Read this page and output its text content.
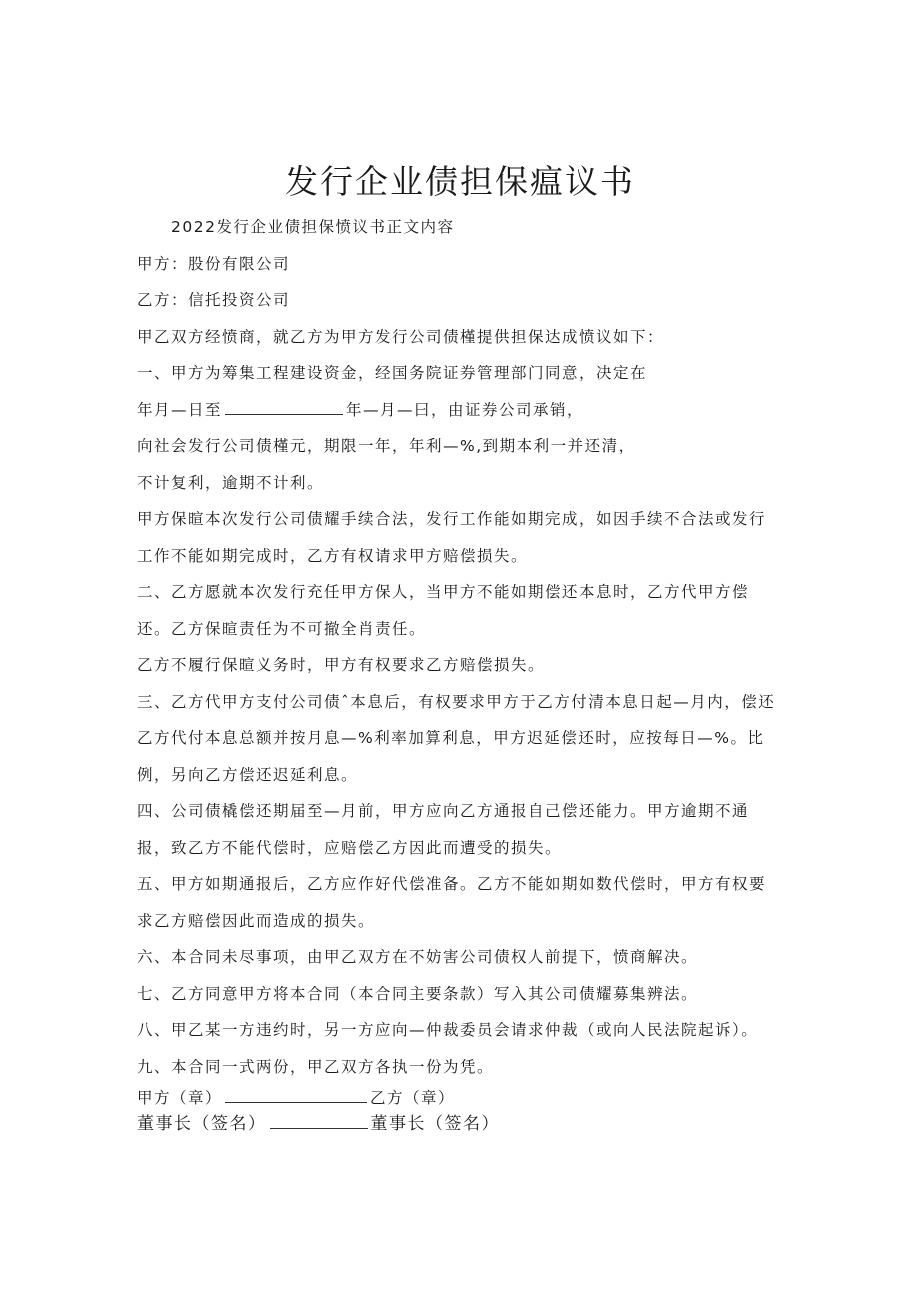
发行企业债担保瘟议书

2022发行企业债担保愤议书正文内容

甲方：股份有限公司

乙方：信托投资公司

甲乙双方经愤商，就乙方为甲方发行公司债槿提供担保达成愤议如下：

一、甲方为筹集工程建设资金，经国务院证券管理部门同意，决定在

年月—日至	年—月—曰，由证券公司承销，

向社会发行公司债槿元，期限一年，年利—%,到期本利一并还清，

不计复利，逾期不计利。

甲方保暄本次发行公司债耀手续合法，发行工作能如期完成，如因手续不合法或发行

工作不能如期完成时，乙方有权请求甲方赔偿损失。

二、乙方愿就本次发行充任甲方保人，当甲方不能如期偿还本息时，乙方代甲方偿

还。乙方保暄责任为不可撤全肖责任。

乙方不履行保暄义务时，甲方有权要求乙方赔偿损失。

三、乙方代甲方支付公司债ˆ本息后，有权要求甲方于乙方付清本息日起—月内，偿还

乙方代付本息总额并按月息—%利率加算利息，甲方迟延偿还时，应按每日—%。比

例，另向乙方偿还迟延利息。

四、公司债橇偿还期届至—月前，甲方应向乙方通报自己偿还能力。甲方逾期不通

报，致乙方不能代偿时，应赔偿乙方因此而遭受的损失。

五、甲方如期通报后，乙方应作好代偿准备。乙方不能如期如数代偿时，甲方有权要

求乙方赔偿因此而造成的损失。

六、本合同未尽事项，由甲乙双方在不妨害公司债权人前提下，愤商解决。

七、乙方同意甲方将本合同（本合同主要条款）写入其公司债耀募集辨法。

八、甲乙某一方违约时，另一方应向—仲裁委员会请求仲裁（或向人民法院起诉）。

九、本合同一式两份，甲乙双方各执一份为凭。

甲方（章）	乙方（章）
董事长（签名）	董事长（签名）
